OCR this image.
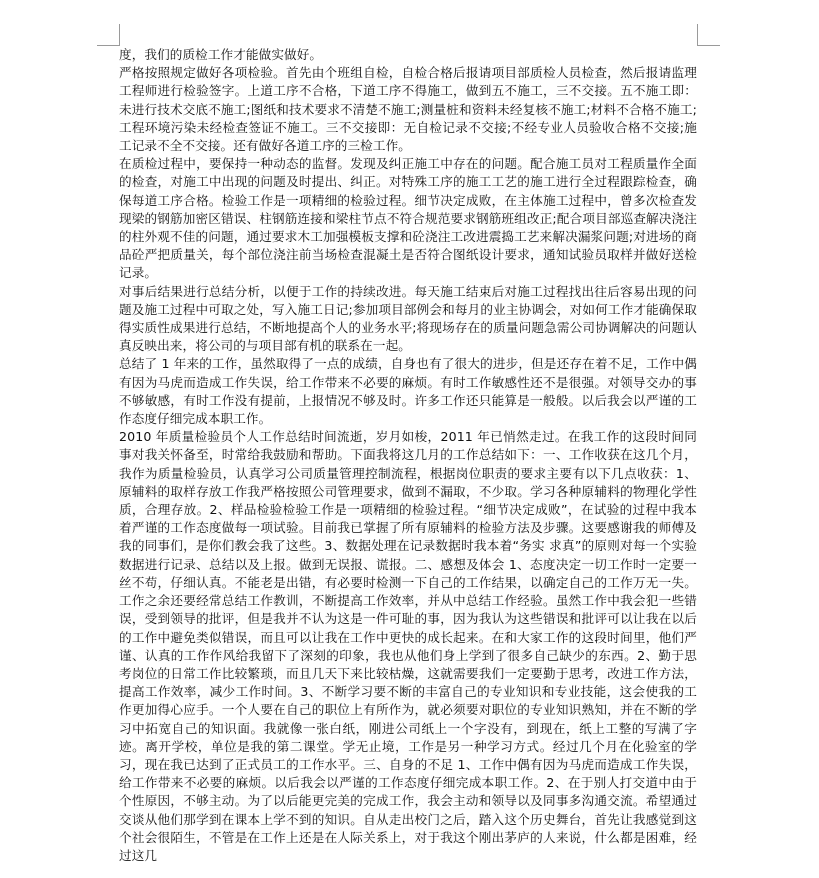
度，我们的质检工作才能做实做好。

严格按照规定做好各项检验。首先由个班组自检，自检合格后报请项目部质检人员检查，然后报请监理工程师进行检验签字。上道工序不合格，下道工序不得施工，做到五不施工，三不交接。五不施工即：未进行技术交底不施工;图纸和技术要求不清楚不施工;测量桩和资料未经复核不施工;材料不合格不施工;工程环境污染未经检查签证不施工。三不交接即：无自检记录不交接;不经专业人员验收合格不交接;施工记录不全不交接。还有做好各道工序的三检工作。

在质检过程中，要保持一种动态的监督。发现及纠正施工中存在的问题。配合施工员对工程质量作全面的检查，对施工中出现的问题及时提出、纠正。对特殊工序的施工工艺的施工进行全过程跟踪检查，确保每道工序合格。检验工作是一项精细的检验过程。细节决定成败，在主体施工过程中，曾多次检查发现梁的钢筋加密区错误、柱钢筋连接和梁柱节点不符合规范要求钢筋班组改正;配合项目部巡查解决浇注的柱外观不佳的问题，通过要求木工加强模板支撑和砼浇注工改进震捣工艺来解决漏浆问题;对进场的商品砼严把质量关，每个部位浇注前当场检查混凝土是否符合图纸设计要求，通知试验员取样并做好送检记录。

对事后结果进行总结分析，以便于工作的持续改进。每天施工结束后对施工过程找出往后容易出现的问题及施工过程中可取之处，写入施工日记;参加项目部例会和每月的业主协调会，对如何工作才能确保取得实质性成果进行总结，不断地提高个人的业务水平;将现场存在的质量问题急需公司协调解决的问题认真反映出来，将公司的与项目部有机的联系在一起。

总结了 1 年来的工作，虽然取得了一点的成绩，自身也有了很大的进步，但是还存在着不足，工作中偶有因为马虎而造成工作失误，给工作带来不必要的麻烦。有时工作敏感性还不是很强。对领导交办的事不够敏感，有时工作没有提前，上报情况不够及时。许多工作还只能算是一般般。以后我会以严谨的工作态度仔细完成本职工作。

2010 年质量检验员个人工作总结时间流逝，岁月如梭，2011 年已悄然走过。在我工作的这段时间同事对我关怀备至，时常给我鼓励和帮助。下面我将这几月的工作总结如下：一、工作收获在这几个月，我作为质量检验员，认真学习公司质量管理控制流程，根据岗位职责的要求主要有以下几点收获：1、原辅料的取样存放工作我严格按照公司管理要求，做到不漏取，不少取。学习各种原辅料的物理化学性质，合理存放。2、样品检验检验工作是一项精细的检验过程。“细节决定成败”，在试验的过程中我本着严谨的工作态度做每一项试验。目前我已掌握了所有原辅料的检验方法及步骤。这要感谢我的师傅及我的同事们，是你们教会我了这些。3、数据处理在记录数据时我本着“务实 求真”的原则对每一个实验数据进行记录、总结以及上报。做到无误报、谎报。二、感想及体会 1、态度决定一切工作时一定要一丝不苟，仔细认真。不能老是出错，有必要时检测一下自己的工作结果，以确定自己的工作万无一失。工作之余还要经常总结工作教训，不断提高工作效率，并从中总结工作经验。虽然工作中我会犯一些错误，受到领导的批评，但是我并不认为这是一件可耻的事，因为我认为这些错误和批评可以让我在以后的工作中避免类似错误，而且可以让我在工作中更快的成长起来。在和大家工作的这段时间里，他们严谨、认真的工作作风给我留下了深刻的印象，我也从他们身上学到了很多自己缺少的东西。2、勤于思考岗位的日常工作比较繁琐，而且几天下来比较枯燥，这就需要我们一定要勤于思考，改进工作方法，提高工作效率，减少工作时间。3、不断学习要不断的丰富自己的专业知识和专业技能，这会使我的工作更加得心应手。一个人要在自己的职位上有所作为，就必须要对职位的专业知识熟知，并在不断的学习中拓宽自己的知识面。我就像一张白纸，刚进公司纸上一个字没有，到现在，纸上工整的写满了字迹。离开学校，单位是我的第二课堂。学无止境，工作是另一种学习方式。经过几个月在化验室的学习，现在我已达到了正式员工的工作水平。三、自身的不足 1、工作中偶有因为马虎而造成工作失误，给工作带来不必要的麻烦。以后我会以严谨的工作态度仔细完成本职工作。2、在于别人打交道中由于个性原因，不够主动。为了以后能更完美的完成工作，我会主动和领导以及同事多沟通交流。希望通过交谈从他们那学到在课本上学不到的知识。自从走出校门之后，踏入这个历史舞台，首先让我感觉到这个社会很陌生，不管是在工作上还是在人际关系上，对于我这个刚出茅庐的人来说，什么都是困难，经过这几
